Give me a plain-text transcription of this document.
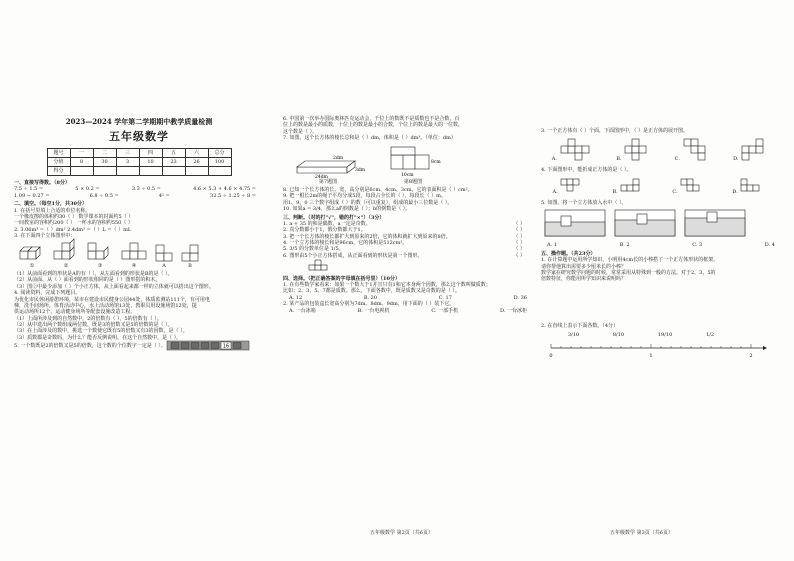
2023—2024 学年第二学期期中教学质量检测
五年级数学
题号	一	二	三	四	五	六	总分
分值	8	30	3	10	23	26	100
得分							
一、直接写得数。（8分）
7.5 ÷ 1.5 =	5 × 0.2 =	3.3 ÷ 0.5 =	4.6 × 5.3 + 4.6 × 4.75 =
1.09 − 0.27 =	6.8 ÷ 0.5 =	4² =	32.5 ÷ 1.25 ÷ 8 =
二、填空。（每空1分，共30分）
1. 在括号里填上合适的单位名称。
一个橡皮擦的体积约30（ ） 数学课本的封面约5（ ）
一间教室的容积约200（ ） 一杯水的容积约550（ ）
2. 3.06m³ =（ ）dm³ 2.4dm³ =（ ）L =（ ）mL
3. 在下面四个立体图形中：
①	②	③	④	A	B
（1）从前面看到的形状是A的有（ ），从左面看到的形状是B的是（ ）。
（2）从前面、从（ ）面看到的形状相同的是（ ）图形搭的积木。
（3）图②中最少添加（ ）个小正方体，从上面看起来都一样的立体就可以搭出这个图形。
4. 阅读资料，完成下列题目。
为优化市民休闲游憩环境，某市在建设市民健身公园44处，体质监测站111个，有可用电
梯，洗手间场所，体育活动中心，水上活动场馆13处，教职员用设施场馆12处，提
供运动场所12个，运动健身场所等配套设施改造工程。
（1）上面所涉及到的自然数中，2的倍数有（ ），5的倍数有（ ）。
（2）从中选出两个数组成两位数，既是3的倍数又是5的倍数的是（ ）。
（3）在上面涉及的数中，挑选一个数使它既有5的倍数又有3的因数，是（ ）。
（3）质数都是奇数吗，为什么？能否反例说明。在这个自然数中，是（ ）。
5. 一个数既是2的倍数又是5的倍数，这个数的个位数字一定是（ ）。	16
6. 中国第一次举办国际奥林匹克运动会，千位上的数既不是质数也不是合数，百
位上的数是最小的质数，十位上的数是最小的合数，个位上的数是最大的一位数，
这个数是（ ）。
7. 如图，这个长方体的棱长总和是（ ）dm，体积是（ ）dm³。（单位：dm）
24dm
3dm
2dm
第7题图
8cm
10cm
第8题图
8. 已知一个长方体的长、宽、高分别是6cm、4cm、3cm，它的表面积是（ ）cm²。
9. 把一根长2m的绳子平均分成5段，每段占全长的（ ），每段长（ ）m。
用1、9、0 三个数字组成（ ）的数（可以重复），组成的最小三位数是（ ）。
10. 如果a = 3/4，那么a的倒数是（ ）；b的倒数是（ ）。
三、判断。（对的打"√"，错的打"×"）（3分）
1. a + 35 的和是偶数，a一定是奇数。	（ ）
2. 真分数都小于1，假分数都大于1。	（ ）
3. 把一个长方体的棱长都扩大到原来的2倍，它的体积就扩大到原来的8倍。	（ ）
4. 一个立方体的棱长和是96cm，它的体积是512cm³。	（ ）
5. 3/5 的分数单位是 1/5。	（ ）
6. 图形由5个小正方体搭成，从正面看到的形状是第一个图形。	（ ）
四、选择。（把正确答案的字母填在括号里）（10分）
1. 在有些数学家看来：如果一个数大于1并且只有1和它本身两个因数，那么这个数叫做质数；
比如：2、3、5、7都是质数。那么，下面各数中，既是质数又是奇数的是（ ）。
A. 12	B. 20	C. 17	D. 36
2. 某产品的包装盒长宽高分别为7dm、8dm、9dm，用下面的（ ）装下它。
A. 一台冰箱	B. 一台电视机	C. 一部手机	D. 一台冰柜
五年级数学 第2页（共6页）
3. 一个正方体有（ ）个面，下面图形中，（ ）是正方体的展开图。
A.	B.	C.	D.
4. 下面图形中，能折成正方体的是（ ）。
A.	B.	C.	D.
5. 如图，将一个立方体放入水中（ ）。
A. 1	B. 2	C. 3	D. 4
五、操作题。（共23分）
1. 在计算题中运用所学知识，小明用4cm长的小棒搭了一个正方体形状的框架。
请你帮他算出需要多少厘米长的小棒？
数学家在研究数学问题的时候，常常采用从特殊到一般的方法。对于2、3、5的
倍数特征，你能用所学知识来说明吗？
2. 在直线上表示下面各数。（4分）
3/10	8/10	19/10	1/2
0	1	2
五年级数学 第3页（共6页）
